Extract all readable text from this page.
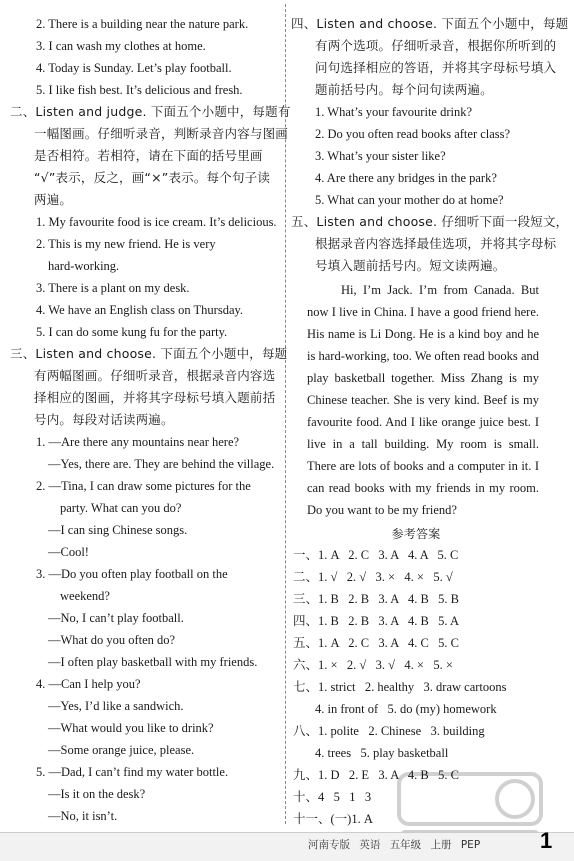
2. There is a building near the nature park.
3. I can wash my clothes at home.
4. Today is Sunday. Let’s play football.
5. I like fish best. It’s delicious and fresh.
二、Listen and judge. 下面五个小题中，每题有
一幅图画。仔细听录音，判断录音内容与图画
是否相符。若相符，请在下面的括号里画
“√”表示，反之，画“×”表示。每个句子读
两遍。
1. My favourite food is ice cream. It’s delicious.
2. This is my new friend. He is very
hard-working.
3. There is a plant on my desk.
4. We have an English class on Thursday.
5. I can do some kung fu for the party.
三、Listen and choose. 下面五个小题中，每题
有两幅图画。仔细听录音，根据录音内容选
择相应的图画，并将其字母标号填入题前括
号内。每段对话读两遍。
1. —Are there any mountains near here?
—Yes, there are. They are behind the village.
2. —Tina, I can draw some pictures for the
party. What can you do?
—I can sing Chinese songs.
—Cool!
3. —Do you often play football on the
weekend?
—No, I can’t play football.
—What do you often do?
—I often play basketball with my friends.
4. —Can I help you?
—Yes, I’d like a sandwich.
—What would you like to drink?
—Some orange juice, please.
5. —Dad, I can’t find my water bottle.
—Is it on the desk?
—No, it isn’t.
四、Listen and choose. 下面五个小题中，每题
有两个选项。仔细听录音，根据你所听到的
问句选择相应的答语，并将其字母标号填入
题前括号内。每个问句读两遍。
1. What’s your favourite drink?
2. Do you often read books after class?
3. What’s your sister like?
4. Are there any bridges in the park?
5. What can your mother do at home?
五、Listen and choose. 仔细听下面一段短文，
根据录音内容选择最佳选项，并将其字母标
号填入题前括号内。短文读两遍。
Hi, I’m Jack. I’m from Canada. But
now I live in China. I have a good friend here.
His name is Li Dong. He is a kind boy and he
is hard-working, too. We often read books and
play basketball together. Miss Zhang is my
Chinese teacher. She is very kind. Beef is my
favourite food. And I like orange juice best. I
live in a tall building. My room is small.
There are lots of books and a computer in it. I
can read books with my friends in my room.
Do you want to be my friend?
参考答案
一、1. A   2. C   3. A   4. A   5. C
二、1. √   2. √   3. ×   4. ×   5. √
三、1. B   2. B   3. A   4. B   5. B
四、1. B   2. B   3. A   4. B   5. A
五、1. A   2. C   3. A   4. C   5. C
六、1. ×   2. √   3. √   4. ×   5. ×
七、1. strict   2. healthy   3. draw cartoons
4. in front of   5. do (my) homework
八、1. polite   2. Chinese   3. building
4. trees   5. play basketball
九、1. D   2. E   3. A   4. B   5. C
十、4   5   1   3
十一、(一)1. A
河南专版 英语 五年级 上册 PEP	1
